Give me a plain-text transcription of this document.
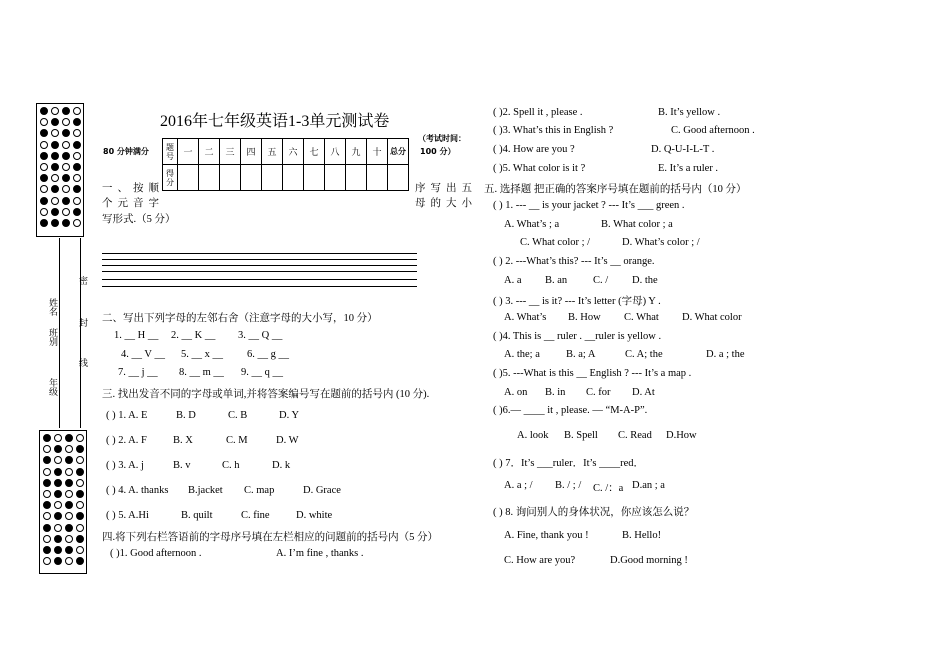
姓名
班别
年级
密
封
线
2016年七年级英语1-3单元测试卷
80 分钟满分
（考试时间：
100 分）
题号	一	二	三	四	五	六	七	八	九	十	总分
得分											
一、按顺
个元音字
序写出五
母的大小
写形式.（5 分）
二、写出下列字母的左邻右舍（注意字母的大小写，10 分）
1. __ H __ 2. __ K __ 3. __ Q __
4. __ V __ 5. __ x __ 6. __ g __
7. __ j __ 8. __ m __ 9. __ q __
三. 找出发音不同的字母或单词,并将答案编号写在题前的括号内 (10 分).
( ) 1. A. E	B. D	C. B	D. Y
( ) 2. A. F B. X	C. M	D. W
( ) 3. A. j	B. v	C. h	D. k
( ) 4. A. thanks B.jacket C. map	D. Grace
( ) 5. A.Hi	B. quilt	C. fine	D. white
四.将下列右栏答语前的字母序号填在左栏相应的问题前的括号内（5 分）
( )1. Good afternoon .	A. I’m fine , thanks .
( )2. Spell it , please .	B. It’s yellow .
( )3. What’s this in English ?	C. Good afternoon .
( )4. How are you ?	D. Q-U-I-L-T .
( )5. What color is it ?	E. It’s a ruler .
五. 选择题 把正确的答案序号填在题前的括号内（10 分）
( ) 1. --- __ is your jacket ? --- It’s ___ green .
A. What’s ; a	B. What color ; a
C. What color ; /	D. What’s color ; /
( ) 2. ---What’s this? --- It’s __ orange.
A. a B. an C. / D. the
( ) 3. --- __ is it? --- It’s letter (字母) Y .
A. What’s B. How C. What D. What color
( )4. This is __ ruler . __ruler is yellow .
A. the; a B. a; A	C. A; the	D. a ; the
( )5. ---What is this __ English ? --- It’s a map .
A. on B. in C. for D. At
( )6.— ____ it , please. — “M-A-P”.
A. look B. Spell C. Read D.How
( ) 7．It’s ___ruler．It’s ____red．
A. a ; / B. / ; / C. /：a D.an ; a
( ) 8. 询问别人的身体状况，你应该怎么说？
A. Fine, thank you !	B. Hello!
C. How are you?	D.Good morning !
